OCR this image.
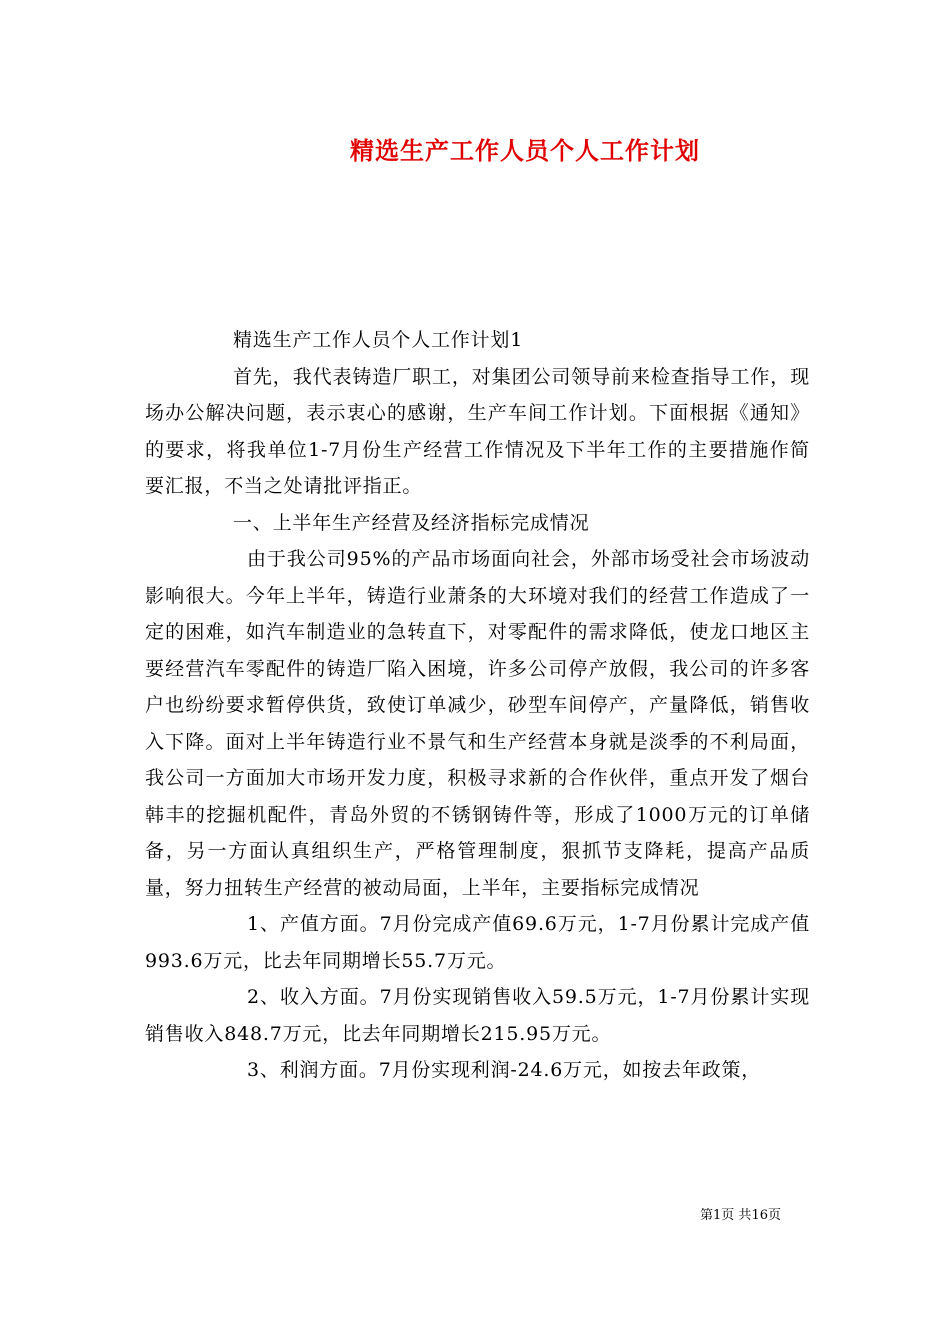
精选生产工作人员个人工作计划

精选生产工作人员个人工作计划1

首先，我代表铸造厂职工，对集团公司领导前来检查指导工作，现场办公解决问题，表示衷心的感谢，生产车间工作计划。下面根据《通知》的要求，将我单位1-7月份生产经营工作情况及下半年工作的主要措施作简要汇报，不当之处请批评指正。

一、上半年生产经营及经济指标完成情况

由于我公司95%的产品市场面向社会，外部市场受社会市场波动影响很大。今年上半年，铸造行业萧条的大环境对我们的经营工作造成了一定的困难，如汽车制造业的急转直下，对零配件的需求降低，使龙口地区主要经营汽车零配件的铸造厂陷入困境，许多公司停产放假，我公司的许多客户也纷纷要求暂停供货，致使订单减少，砂型车间停产，产量降低，销售收入下降。面对上半年铸造行业不景气和生产经营本身就是淡季的不利局面，我公司一方面加大市场开发力度，积极寻求新的合作伙伴，重点开发了烟台韩丰的挖掘机配件，青岛外贸的不锈钢铸件等，形成了1000万元的订单储备，另一方面认真组织生产，严格管理制度，狠抓节支降耗，提高产品质量，努力扭转生产经营的被动局面，上半年，主要指标完成情况

1、产值方面。7月份完成产值69.6万元，1-7月份累计完成产值993.6万元，比去年同期增长55.7万元。

2、收入方面。7月份实现销售收入59.5万元，1-7月份累计实现销售收入848.7万元，比去年同期增长215.95万元。

3、利润方面。7月份实现利润-24.6万元，如按去年政策，

第1页 共16页
